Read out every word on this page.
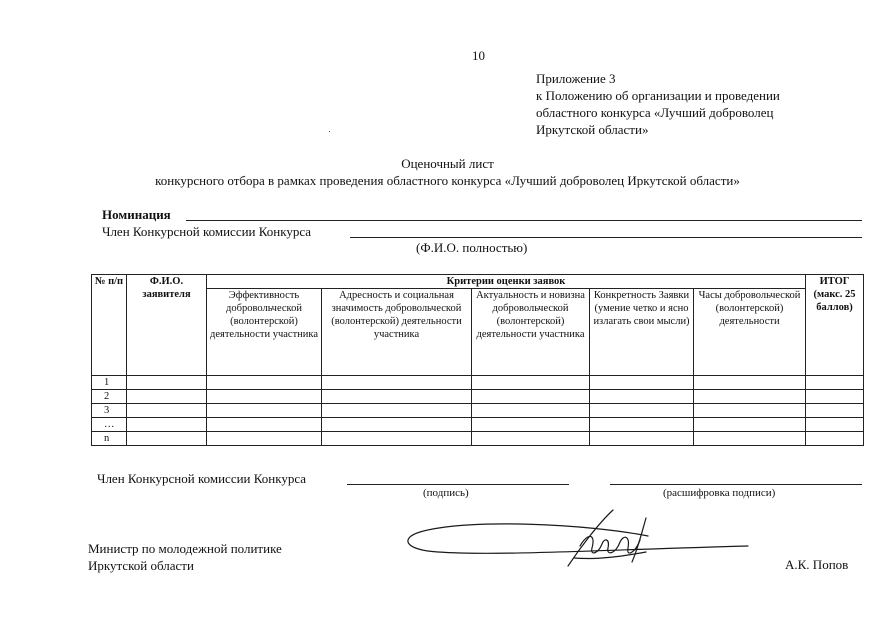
10
Приложение 3
к Положению об организации и проведении
областного конкурса «Лучший доброволец
Иркутской области»
Оценочный лист
конкурсного отбора в рамках проведения областного конкурса «Лучший доброволец Иркутской области»
Номинация
Член Конкурсной комиссии Конкурса
(Ф.И.О. полностью)
№ п/п	Ф.И.О. заявителя	Критерии оценки заявок					ИТОГ (макс. 25 баллов)
		Эффективность добровольческой (волонтерской) деятельности участника	Адресность и социальная значимость добровольческой (волонтерской) деятельности участника	Актуальность и новизна добровольческой (волонтерской) деятельности участника	Конкретность Заявки (умение четко и ясно излагать свои мысли)	Часы добровольческой (волонтерской) деятельности	
1							
2							
3							
…							
n							
Член Конкурсной комиссии Конкурса
(подпись)	(расшифровка подписи)
Министр по молодежной политике
Иркутской области	А.К. Попов
